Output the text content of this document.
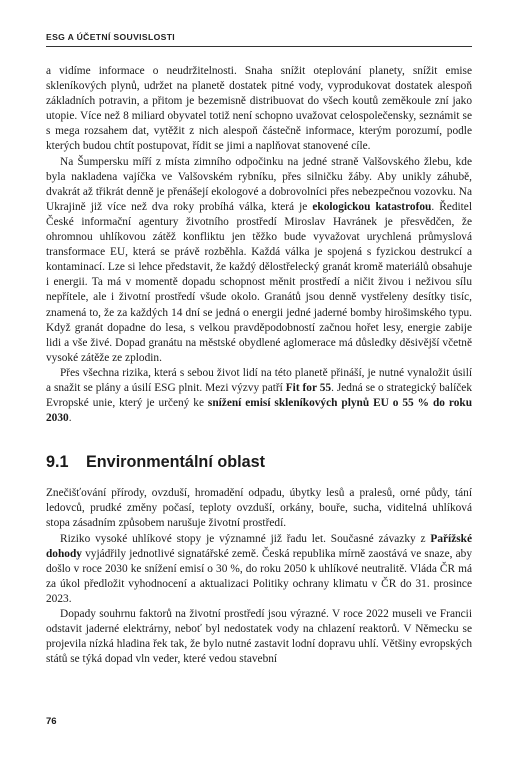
ESG A ÚČETNÍ SOUVISLOSTI

a vidíme informace o neudržitelnosti. Snaha snížit oteplování planety, snížit emise skleníkových plynů, udržet na planetě dostatek pitné vody, vyprodukovat dostatek alespoň základních potravin, a přitom je bezemisně distribuovat do všech koutů zeměkoule zní jako utopie. Více než 8 miliard obyvatel totiž není schopno uvažovat celospolečensky, seznámit se s mega rozsahem dat, vytěžit z nich alespoň částečně informace, kterým porozumí, podle kterých budou chtít postupovat, řídit se jimi a naplňovat stanovené cíle.

Na Šumpersku míří z místa zimního odpočinku na jedné straně Valšovského žlebu, kde byla nakladena vajíčka ve Valšovském rybníku, přes silničku žáby. Aby unikly záhubě, dvakrát až třikrát denně je přenášejí ekologové a dobrovolníci přes nebezpečnou vozovku. Na Ukrajině již více než dva roky probíhá válka, která je ekologickou katastrofou. Ředitel České informační agentury životního prostředí Miroslav Havránek je přesvědčen, že ohromnou uhlíkovou zátěž konfliktu jen těžko bude vyvažovat urychlená průmyslová transformace EU, která se právě rozběhla. Každá válka je spojená s fyzickou destrukcí a kontaminací. Lze si lehce představit, že každý dělostřelecký granát kromě materiálů obsahuje i energii. Ta má v momentě dopadu schopnost měnit prostředí a ničit živou i neživou sílu nepřítele, ale i životní prostředí všude okolo. Granátů jsou denně vystřeleny desítky tisíc, znamená to, že za každých 14 dní se jedná o energii jedné jaderné bomby hirošimského typu. Když granát dopadne do lesa, s velkou pravděpodobností začnou hořet lesy, energie zabije lidi a vše živé. Dopad granátu na městské obydlené aglomerace má důsledky děsivější včetně vysoké zátěže ze zplodin.

Přes všechna rizika, která s sebou život lidí na této planetě přináší, je nutné vynaložit úsilí a snažit se plány a úsilí ESG plnit. Mezi výzvy patří Fit for 55. Jedná se o strategický balíček Evropské unie, který je určený ke snížení emisí skleníkových plynů EU o 55 % do roku 2030.

9.1	Environmentální oblast

Znečišťování přírody, ovzduší, hromadění odpadu, úbytky lesů a pralesů, orné půdy, tání ledovců, prudké změny počasí, teploty ovzduší, orkány, bouře, sucha, viditelná uhlíková stopa zásadním způsobem narušuje životní prostředí.

Riziko vysoké uhlíkové stopy je významné již řadu let. Současné závazky z Pařížské dohody vyjádřily jednotlivé signatářské země. Česká republika mírně zaostává ve snaze, aby došlo v roce 2030 ke snížení emisí o 30 %, do roku 2050 k uhlíkové neutralitě. Vláda ČR má za úkol předložit vyhodnocení a aktualizaci Politiky ochrany klimatu v ČR do 31. prosince 2023.

Dopady souhrnu faktorů na životní prostředí jsou výrazné. V roce 2022 museli ve Francii odstavit jaderné elektrárny, neboť byl nedostatek vody na chlazení reaktorů. V Německu se projevila nízká hladina řek tak, že bylo nutné zastavit lodní dopravu uhlí. Většiny evropských států se týká dopad vln veder, které vedou stavební

76
